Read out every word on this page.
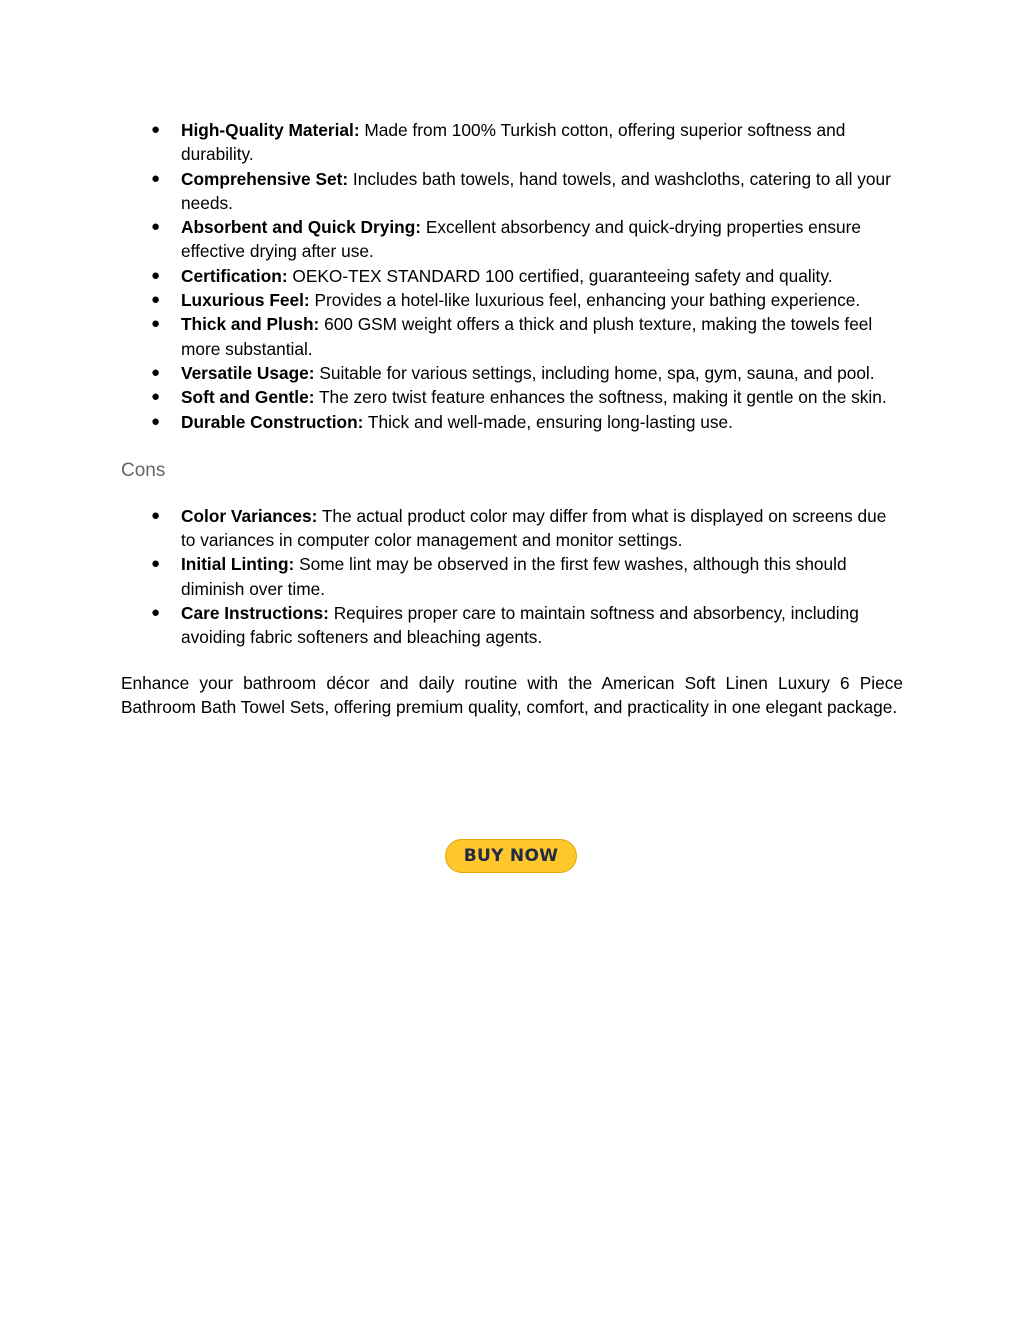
● High-Quality Material: Made from 100% Turkish cotton, offering superior softness and durability.
● Comprehensive Set: Includes bath towels, hand towels, and washcloths, catering to all your needs.
● Absorbent and Quick Drying: Excellent absorbency and quick-drying properties ensure effective drying after use.
● Certification: OEKO-TEX STANDARD 100 certified, guaranteeing safety and quality.
● Luxurious Feel: Provides a hotel-like luxurious feel, enhancing your bathing experience.
● Thick and Plush: 600 GSM weight offers a thick and plush texture, making the towels feel more substantial.
● Versatile Usage: Suitable for various settings, including home, spa, gym, sauna, and pool.
● Soft and Gentle: The zero twist feature enhances the softness, making it gentle on the skin.
● Durable Construction: Thick and well-made, ensuring long-lasting use.
Cons
● Color Variances: The actual product color may differ from what is displayed on screens due to variances in computer color management and monitor settings.
● Initial Linting: Some lint may be observed in the first few washes, although this should diminish over time.
● Care Instructions: Requires proper care to maintain softness and absorbency, including avoiding fabric softeners and bleaching agents.

Enhance your bathroom décor and daily routine with the American Soft Linen Luxury 6 Piece Bathroom Bath Towel Sets, offering premium quality, comfort, and practicality in one elegant package.

BUY NOW
